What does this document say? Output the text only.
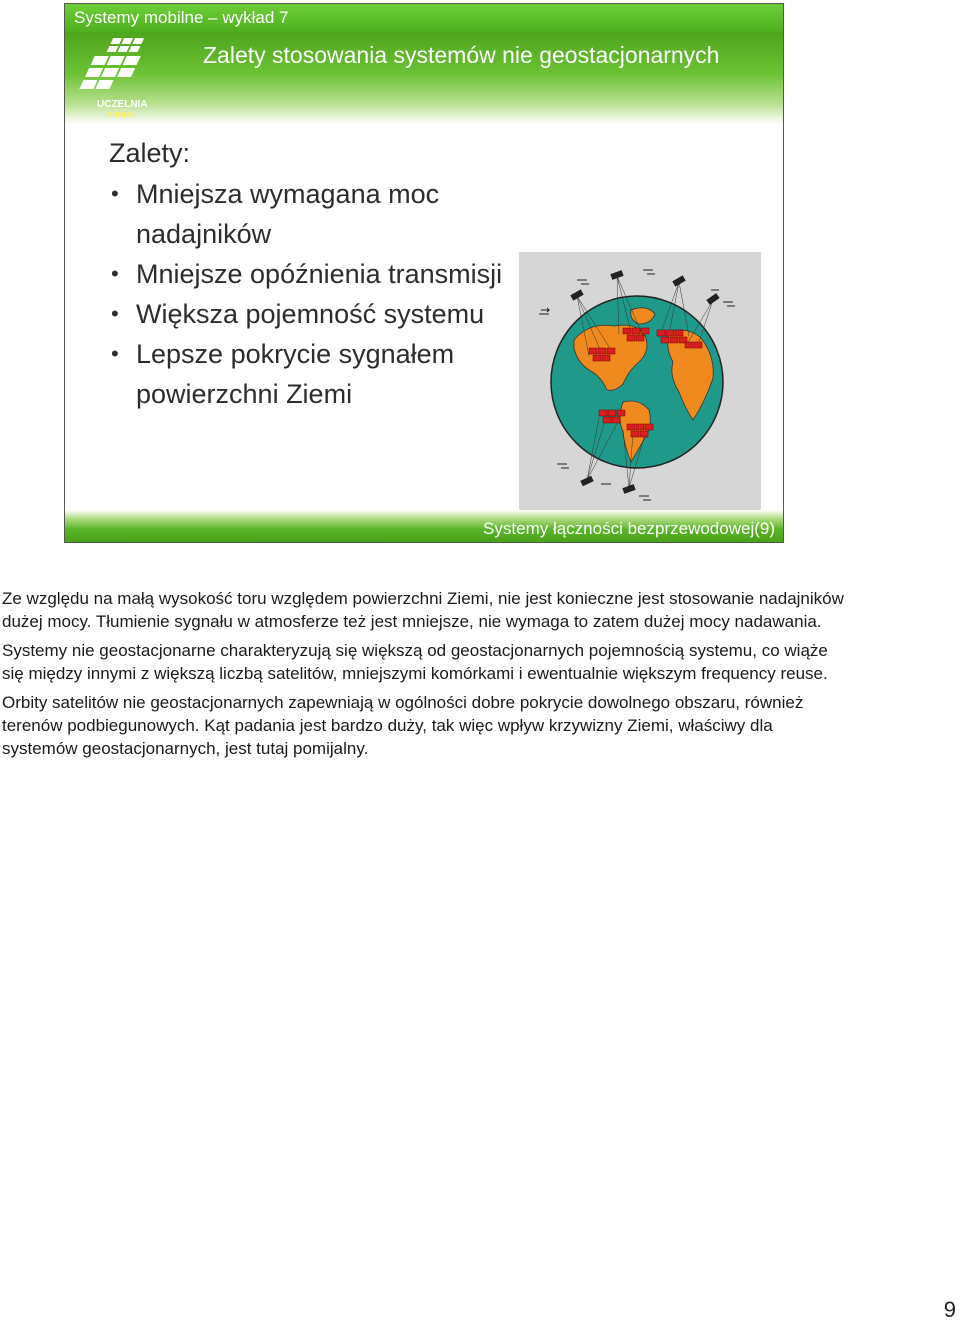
Systemy mobilne – wykład 7
UCZELNIA
ONLINE
Zalety stosowania systemów nie geostacjonarnych
Zalety:
• Mniejsza wymagana moc nadajników
• Mniejsze opóźnienia transmisji
• Większa pojemność systemu
• Lepsze pokrycie sygnałem powierzchni Ziemi
Systemy łączności bezprzewodowej(9)

Ze względu na małą wysokość toru względem powierzchni Ziemi, nie jest konieczne jest stosowanie nadajników dużej mocy. Tłumienie sygnału w atmosferze też jest mniejsze, nie wymaga to zatem dużej mocy nadawania.

Systemy nie geostacjonarne charakteryzują się większą od geostacjonarnych pojemnością systemu, co wiąże się między innymi z większą liczbą satelitów, mniejszymi komórkami i ewentualnie większym frequency reuse.

Orbity satelitów nie geostacjonarnych zapewniają w ogólności dobre pokrycie dowolnego obszaru, również terenów podbiegunowych. Kąt padania jest bardzo duży, tak więc wpływ krzywizny Ziemi, właściwy dla systemów geostacjonarnych, jest tutaj pomijalny.

9
